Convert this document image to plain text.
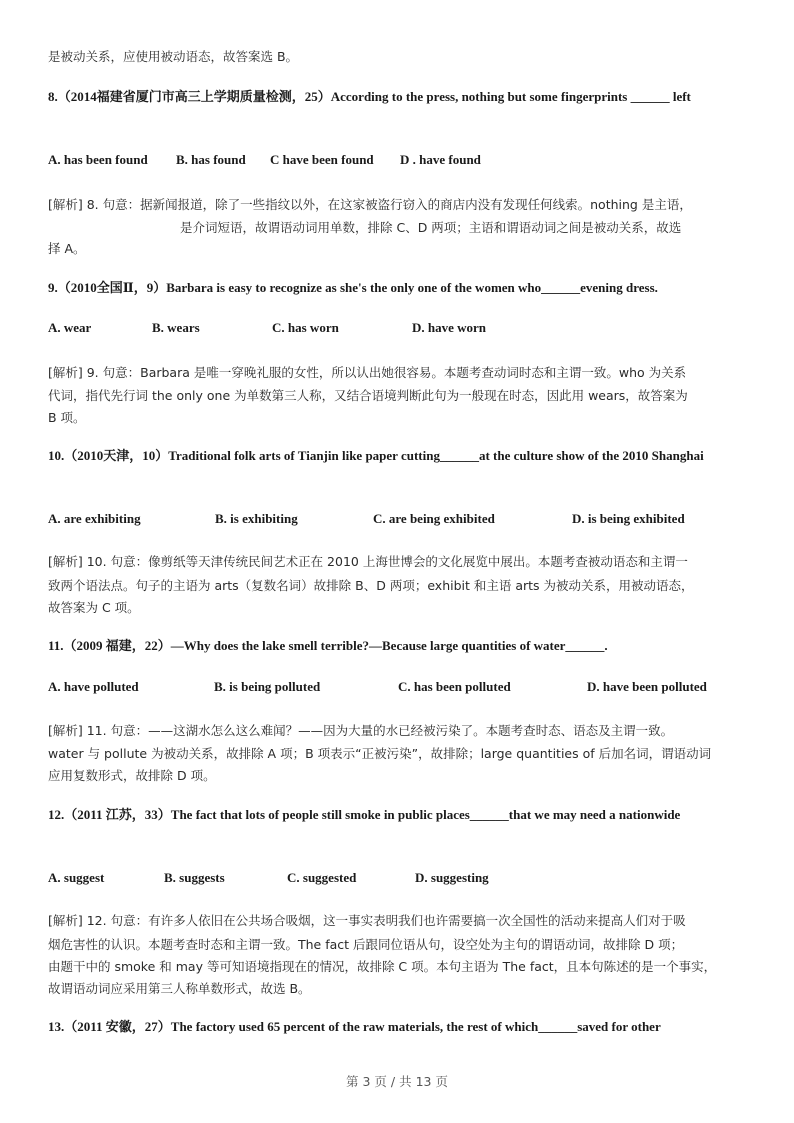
是被动关系，应使用被动语态，故答案选 B。
8.（2014福建省厦门市高三上学期质量检测，25）According to the press, nothing but some fingerprints ______ left
A. has been found B. has found C have been found D . have found
[解析] 8. 句意：据新闻报道，除了一些指纹以外，在这家被盗行窃入的商店内没有发现任何线索。nothing 是主语，
是介词短语，故谓语动词用单数，排除 C、D 两项；主语和谓语动词之间是被动关系，故选
择 A。
9.（2010全国Ⅱ，9）Barbara is easy to recognize as she's the only one of the women who______evening dress.
A. wear	B. wears	C. has worn	D. have worn
[解析] 9. 句意：Barbara 是唯一穿晚礼服的女性，所以认出她很容易。本题考查动词时态和主谓一致。who 为关系
代词，指代先行词 the only one 为单数第三人称，又结合语境判断此句为一般现在时态，因此用 wears，故答案为
B 项。
10.（2010天津，10）Traditional folk arts of Tianjin like paper cutting______at the culture show of the 2010 Shanghai
A. are exhibiting	B. is exhibiting	C. are being exhibited	D. is being exhibited
[解析] 10. 句意：像剪纸等天津传统民间艺术正在 2010 上海世博会的文化展览中展出。本题考查被动语态和主谓一
致两个语法点。句子的主语为 arts（复数名词）故排除 B、D 两项；exhibit 和主语 arts 为被动关系，用被动语态，
故答案为 C 项。
11.（2009 福建，22）—Why does the lake smell terrible?—Because large quantities of water______.
A. have polluted	B. is being polluted	C. has been polluted	D. have been polluted
[解析] 11. 句意：——这湖水怎么这么难闻？——因为大量的水已经被污染了。本题考查时态、语态及主谓一致。
water 与 pollute 为被动关系，故排除 A 项；B 项表示“正被污染”，故排除；large quantities of 后加名词，谓语动词
应用复数形式，故排除 D 项。
12.（2011 江苏，33）The fact that lots of people still smoke in public places______that we may need a nationwide
A. suggest	B. suggests	C. suggested	D. suggesting
[解析] 12. 句意：有许多人依旧在公共场合吸烟，这一事实表明我们也许需要搞一次全国性的活动来提高人们对于吸
烟危害性的认识。本题考查时态和主谓一致。The fact 后跟同位语从句，设空处为主句的谓语动词，故排除 D 项；
由题干中的 smoke 和 may 等可知语境指现在的情况，故排除 C 项。本句主语为 The fact，且本句陈述的是一个事实，
故谓语动词应采用第三人称单数形式，故选 B。
13.（2011 安徽，27）The factory used 65 percent of the raw materials, the rest of which______saved for other
第 3 页 / 共 13 页
